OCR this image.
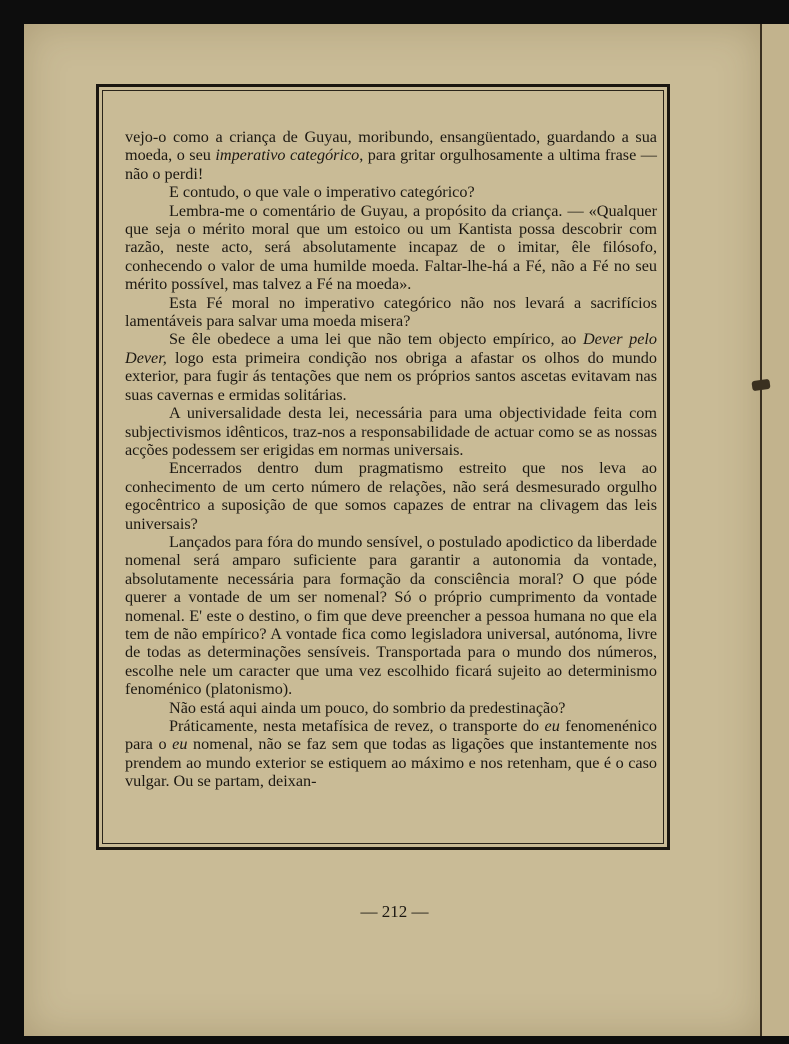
vejo-o como a criança de Guyau, moribundo, ensangüentado, guardando a sua moeda, o seu imperativo categórico, para gritar orgulhosamente a ultima frase — não o perdi!

E contudo, o que vale o imperativo categórico?

Lembra-me o comentário de Guyau, a propósito da criança. — «Qualquer que seja o mérito moral que um estoico ou um Kantista possa descobrir com razão, neste acto, será absolutamente incapaz de o imitar, êle filósofo, conhecendo o valor de uma humilde moeda. Faltar-lhe-há a Fé, não a Fé no seu mérito possível, mas talvez a Fé na moeda».

Esta Fé moral no imperativo categórico não nos levará a sacrifícios lamentáveis para salvar uma moeda misera?

Se êle obedece a uma lei que não tem objecto empírico, ao Dever pelo Dever, logo esta primeira condição nos obriga a afastar os olhos do mundo exterior, para fugir ás tentações que nem os próprios santos ascetas evitavam nas suas cavernas e ermidas solitárias.

A universalidade desta lei, necessária para uma objectividade feita com subjectivismos idênticos, traz-nos a responsabilidade de actuar como se as nossas acções podessem ser erigidas em normas universais.

Encerrados dentro dum pragmatismo estreito que nos leva ao conhecimento de um certo número de relações, não será desmesurado orgulho egocêntrico a suposição de que somos capazes de entrar na clivagem das leis universais?

Lançados para fóra do mundo sensível, o postulado apodictico da liberdade nomenal será amparo suficiente para garantir a autonomia da vontade, absolutamente necessária para formação da consciência moral? O que póde querer a vontade de um ser nomenal? Só o próprio cumprimento da vontade nomenal. E' este o destino, o fim que deve preencher a pessoa humana no que ela tem de não empírico? A vontade fica como legisladora universal, autónoma, livre de todas as determinações sensíveis. Transportada para o mundo dos números, escolhe nele um caracter que uma vez escolhido ficará sujeito ao determinismo fenoménico (platonismo).

Não está aqui ainda um pouco, do sombrio da predestinação?

Práticamente, nesta metafísica de revez, o transporte do eu fenomenénico para o eu nomenal, não se faz sem que todas as ligações que instantemente nos prendem ao mundo exterior se estiquem ao máximo e nos retenham, que é o caso vulgar. Ou se partam, deixan-

— 212 —
